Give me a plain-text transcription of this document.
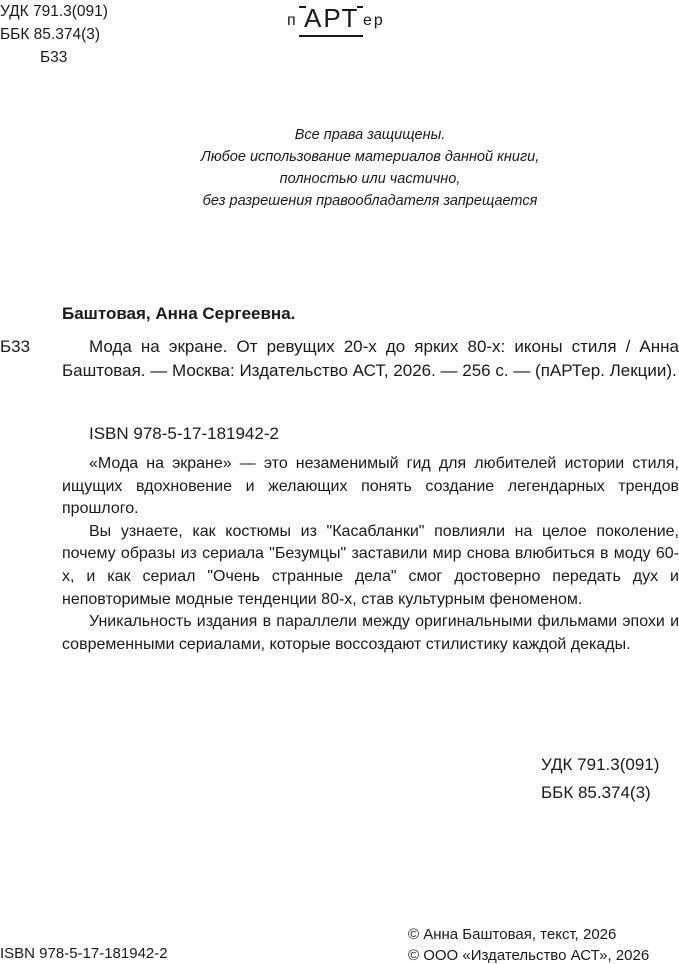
УДК 791.3(091)
ББК 85.374(3)
Б33
п АРТ ер
Все права защищены.
Любое использование материалов данной книги,
полностью или частично,
без разрешения правообладателя запрещается
Баштовая, Анна Сергеевна.
Б33	Мода на экране. От ревущих 20-х до ярких 80-х: иконы стиля / Анна Баштовая. — Москва: Издательство АСТ, 2026. — 256 с. — (пАРТер. Лекции).
ISBN 978-5-17-181942-2

«Мода на экране» — это незаменимый гид для любителей истории стиля, ищущих вдохновение и желающих понять создание легендарных трендов прошлого.

Вы узнаете, как костюмы из "Касабланки" повлияли на целое поколение, почему образы из сериала "Безумцы" заставили мир снова влюбиться в моду 60-х, и как сериал "Очень странные дела" смог достоверно передать дух и неповторимые модные тенденции 80-х, став культурным феноменом.

Уникальность издания в параллели между оригинальными фильмами эпохи и современными сериалами, которые воссоздают стилистику каждой декады.

УДК 791.3(091)
ББК 85.374(3)
ISBN 978-5-17-181942-2
© Анна Баштовая, текст, 2026
© ООО «Издательство АСТ», 2026
